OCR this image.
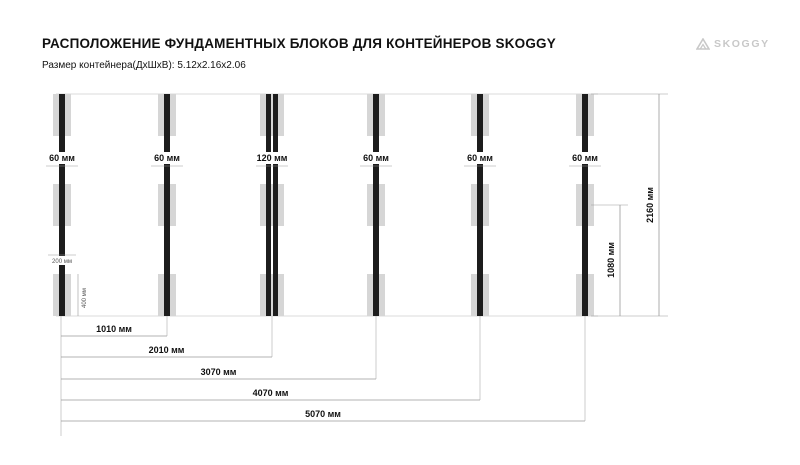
РАСПОЛОЖЕНИЕ ФУНДАМЕНТНЫХ БЛОКОВ ДЛЯ КОНТЕЙНЕРОВ SKOGGY
Размер контейнера(ДхШхВ): 5.12x2.16x2.06
SKOGGY
60 мм	60 мм	120 мм	60 мм	60 мм	60 мм
200 мм
400 мм
2160 мм
1080 мм
1010 мм
2010 мм
3070 мм
4070 мм
5070 мм
